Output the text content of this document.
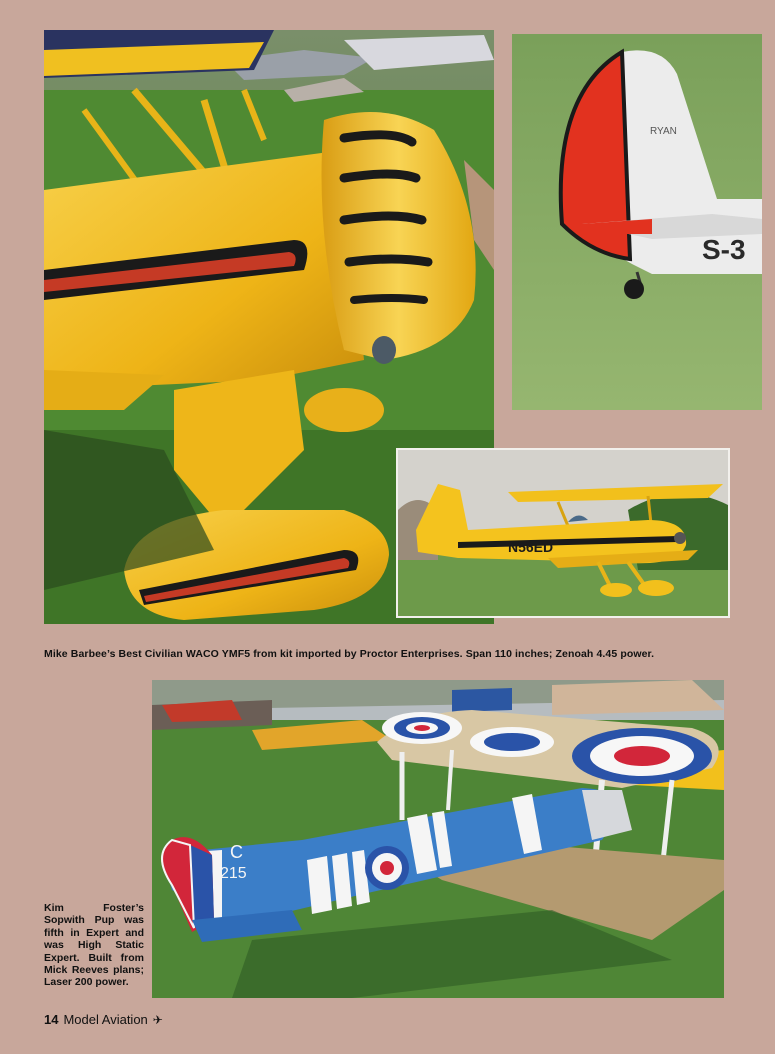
RYAN
S-3
N56ED
Mike Barbee’s Best Civilian WACO YMF5 from kit imported by Proctor Enterprises. Span 110 inches; Zenoah 4.45 power.
C
215
Kim Foster’s Sopwith Pup was fifth in Expert and was High Static Expert. Built from Mick Reeves plans; Laser 200 power.
14 Model Aviation ✈
